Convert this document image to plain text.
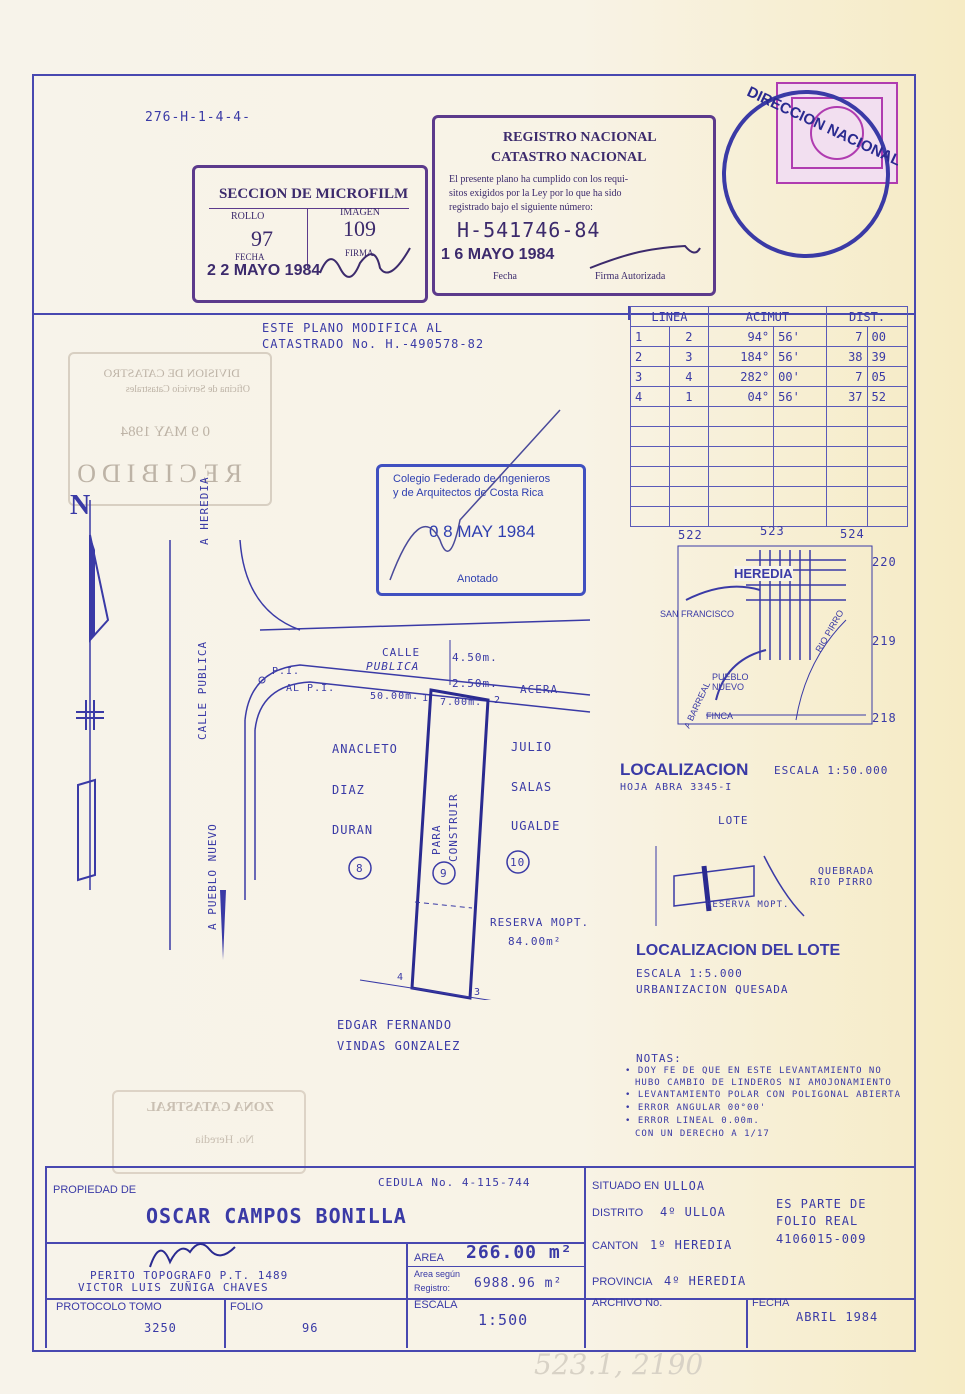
276-H-1-4-4-
SECCION DE MICROFILM
ROLLO	IMAGEN
97	109
FECHA	FIRMA
2 2 MAYO 1984
REGISTRO NACIONAL
CATASTRO NACIONAL
El presente plano ha cumplido con los requi-
sitos exigidos por la Ley por lo que ha sido
registrado bajo el siguiente número:
H-541746-84
1 6 MAYO 1984
Fecha	Firma Autorizada
DIRECCION NACIONAL
ESTE PLANO MODIFICA AL
CATASTRADO No. H.-490578-82
DIVISION DE CATASTRO
Oficina de Servicio Catastrales
0 9 MAY 1984
RECIBIDO
LINEA		ACIMUT		DIST.	
1	2	94°	56'	7	00
2	3	184°	56'	38	39
3	4	282°	00'	7	05
4	1	04°	56'	37	52

Colegio Federado de Ingenieros
y de Arquitectos de Costa Rica
0 8 MAY 1984
Anotado
N	A HEREDIA
CALLE PUBLICA
A PUEBLO NUEVO
CALLE
PUBLICA
4.50m.
2.50m. ACERA
P.I.
AL P.I.
50.00m.
7.00m.
ANACLETO
DIAZ
DURAN
JULIO
SALAS
UGALDE
8	9
10
PARA CONSTRUIR
RESERVA MOPT.
84.00m²
1	2
3
4
EDGAR FERNANDO
VINDAS GONZALEZ
522	523	524
220
219
218
HEREDIA
SAN FRANCISCO	RIO PIRRO
PUEBLO
NUEVO
FINCA
A BARREAL
LOCALIZACION ESCALA 1:50.000
HOJA ABRA 3345-I
LOTE
QUEBRADA
RIO PIRRO
RESERVA MOPT.
LOCALIZACION DEL LOTE
ESCALA 1:5.000
URBANIZACION QUESADA
NOTAS:
• DOY FE DE QUE EN ESTE LEVANTAMIENTO NO
HUBO CAMBIO DE LINDEROS NI AMOJONAMIENTO
• LEVANTAMIENTO POLAR CON POLIGONAL ABIERTA
• ERROR ANGULAR 00°00'
• ERROR LINEAL 0.00m.
CON UN DERECHO A 1/17
ZONA CATASTRAL
No. Heredia
PROPIEDAD DE
CEDULA No. 4-115-744
OSCAR CAMPOS BONILLA
SITUADO EN ULLOA
DISTRITO 4º ULLOA
CANTON 1º HEREDIA
PROVINCIA 4º HEREDIA
ES PARTE DE
FOLIO REAL
4106015-009
PERITO TOPOGRAFO P.T. 1489
VICTOR LUIS ZUÑIGA CHAVES
AREA 266.00 m²
Area según
Registro: 6988.96 m²
PROTOCOLO TOMO
3250
FOLIO
96
ESCALA
1:500
ARCHIVO No.	FECHA
ABRIL 1984
523.1, 2190
